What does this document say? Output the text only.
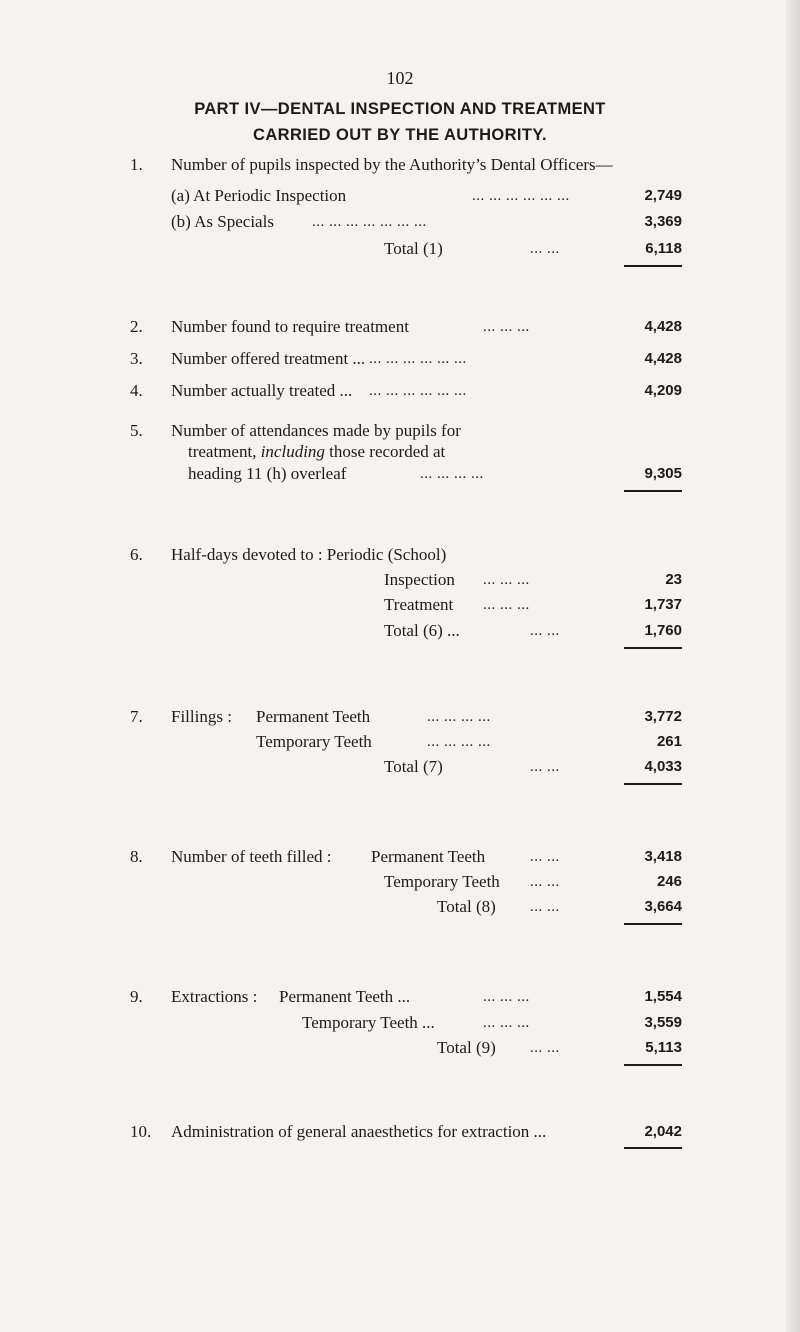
102
PART IV—DENTAL INSPECTION AND TREATMENT
CARRIED OUT BY THE AUTHORITY.
1. Number of pupils inspected by the Authority’s Dental Officers—
(a) At Periodic Inspection	... ... ... ... ... ...	2,749
(b) As Specials	... ... ... ... ... ... ...	3,369
Total (1)	... ...	6,118
2. Number found to require treatment	... ... ...	4,428
3. Number offered treatment ... ... ... ... ... ... ...	4,428
4. Number actually treated ... ... ... ... ... ... ...	4,209
5. Number of attendances made by pupils for
treatment, including those recorded at
heading 11 (h) overleaf	... ... ... ...	9,305
6. Half-days devoted to : Periodic (School)
Inspection ... ... ...	23
Treatment ... ... ...	1,737
Total (6) ...	... ...	1,760
7. Fillings : Permanent Teeth	... ... ... ...	3,772
Temporary Teeth	... ... ... ...	261
Total (7)	... ...	4,033
8. Number of teeth filled : Permanent Teeth	... ...	3,418
Temporary Teeth ... ...	246
Total (8) ... ...	3,664
9. Extractions : Permanent Teeth ...	... ... ...	1,554
Temporary Teeth ...	... ... ...	3,559
Total (9) ... ...	5,113
10. Administration of general anaesthetics for extraction ...	2,042
